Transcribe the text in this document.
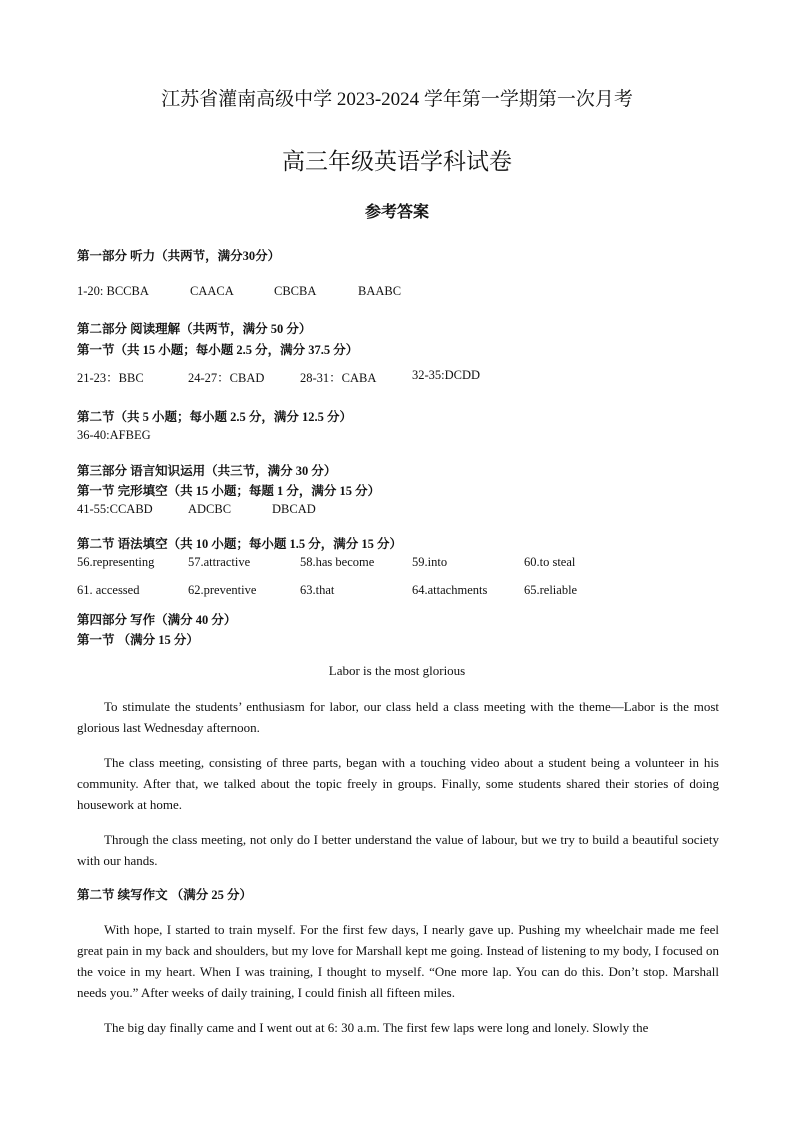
江苏省灌南高级中学 2023-2024 学年第一学期第一次月考
高三年级英语学科试卷
参考答案
第一部分 听力（共两节，满分30分）
1-20: BCCBA	CAACA	CBCBA	BAABC
第二部分 阅读理解（共两节，满分 50 分）
第一节（共 15 小题；每小题 2.5 分，满分 37.5 分）
21-23：BBC	24-27：CBAD	28-31：CABA	32-35:DCDD
第二节（共 5 小题；每小题 2.5 分，满分 12.5 分）
36-40:AFBEG
第三部分 语言知识运用（共三节，满分 30 分）
第一节 完形填空（共 15 小题；每题 1 分，满分 15 分）
41-55:CCABD	ADCBC	DBCAD
第二节 语法填空（共 10 小题；每小题 1.5 分，满分 15 分）
56.representing	57.attractive	58.has become	59.into	60.to steal
61. accessed	62.preventive	63.that	64.attachments	65.reliable
第四部分 写作（满分 40 分）
第一节 （满分 15 分）
Labor is the most glorious

To stimulate the students’ enthusiasm for labor, our class held a class meeting with the theme—Labor is the most glorious last Wednesday afternoon.

The class meeting, consisting of three parts, began with a touching video about a student being a volunteer in his community. After that, we talked about the topic freely in groups. Finally, some students shared their stories of doing housework at home.

Through the class meeting, not only do I better understand the value of labour, but we try to build a beautiful society with our hands.

第二节 续写作文 （满分 25 分）

With hope, I started to train myself. For the first few days, I nearly gave up. Pushing my wheelchair made me feel great pain in my back and shoulders, but my love for Marshall kept me going. Instead of listening to my body, I focused on the voice in my heart. When I was training, I thought to myself. “One more lap. You can do this. Don’t stop. Marshall needs you.” After weeks of daily training, I could finish all fifteen miles.

The big day finally came and I went out at 6: 30 a.m. The first few laps were long and lonely. Slowly the
